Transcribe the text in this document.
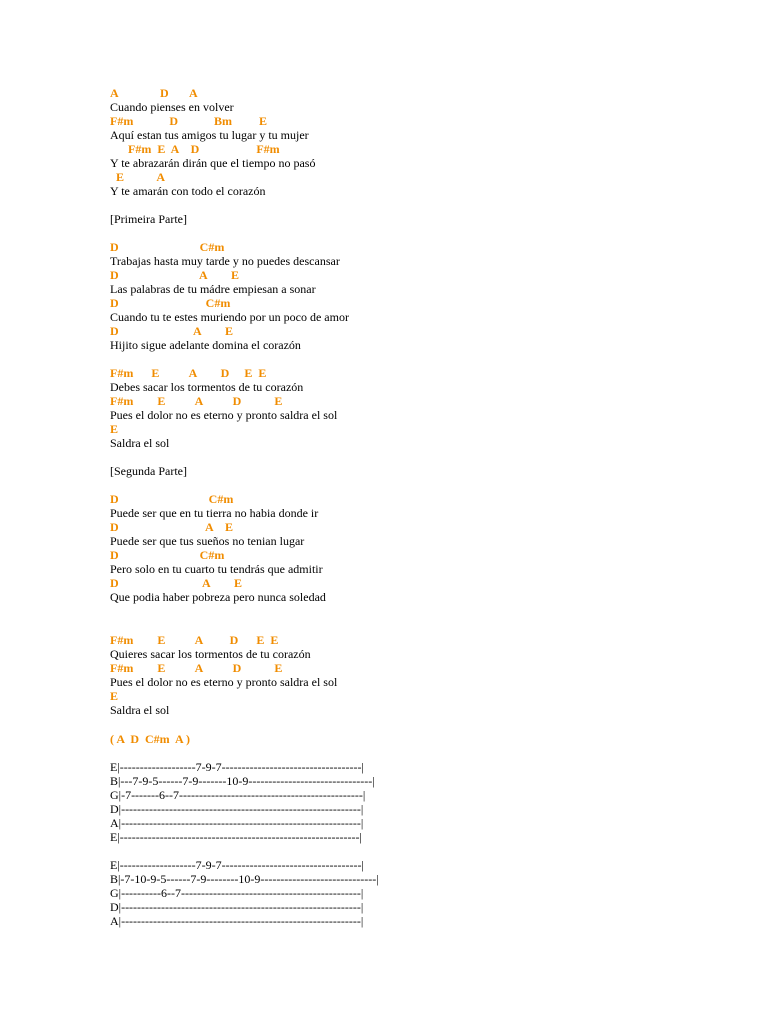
A              D       A
Cuando pienses en volver
F#m            D            Bm         E
Aquí estan tus amigos tu lugar y tu mujer
F#m  E  A    D                   F#m
Y te abrazarán dirán que el tiempo no pasó
E           A
Y te amarán con todo el corazón
[Primeira Parte]
D                           C#m
Trabajas hasta muy tarde y no puedes descansar
D                           A        E
Las palabras de tu mádre empiesan a sonar
D                             C#m
Cuando tu te estes muriendo por un poco de amor
D                         A        E
Hijito sigue adelante domina el corazón
F#m      E          A        D     E  E
Debes sacar los tormentos de tu corazón
F#m        E          A          D           E
Pues el dolor no es eterno y pronto saldra el sol
E
Saldra el sol
[Segunda Parte]
D                              C#m
Puede ser que en tu tierra no habia donde ir
D                             A    E
Puede ser que tus sueños no tenian lugar
D                           C#m
Pero solo en tu cuarto tu tendrás que admitir
D                            A        E
Que podia haber pobreza pero nunca soledad
F#m        E          A         D      E  E
Quieres sacar los tormentos de tu corazón
F#m        E          A          D           E
Pues el dolor no es eterno y pronto saldra el sol
E
Saldra el sol
( A  D  C#m  A )
E|-------------------7-9-7-----------------------------------|
B|---7-9-5------7-9-------10-9-------------------------------|
G|-7-------6--7----------------------------------------------|
D|------------------------------------------------------------|
A|------------------------------------------------------------|
E|------------------------------------------------------------|
E|-------------------7-9-7-----------------------------------|
B|-7-10-9-5------7-9--------10-9-----------------------------|
G|----------6--7---------------------------------------------|
D|------------------------------------------------------------|
A|------------------------------------------------------------|
